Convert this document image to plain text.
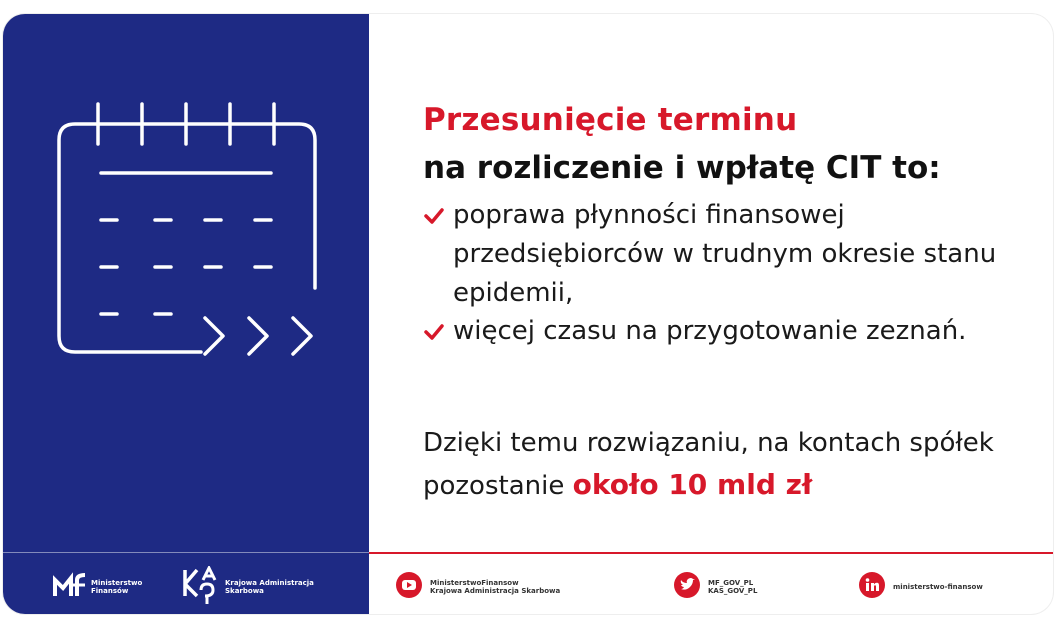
Ministerstwo
Finansów
Krajowa Administracja
Skarbowa
Przesunięcie terminu
na rozliczenie i wpłatę CIT to:
poprawa płynności finansowej przedsiębiorców w trudnym okresie stanu epidemii,
więcej czasu na przygotowanie zeznań.
Dzięki temu rozwiązaniu, na kontach spółek pozostanie około 10 mld zł
MinisterstwoFinansow
Krajowa Administracja Skarbowa
MF_GOV_PL
KAS_GOV_PL	ministerstwo-finansow
